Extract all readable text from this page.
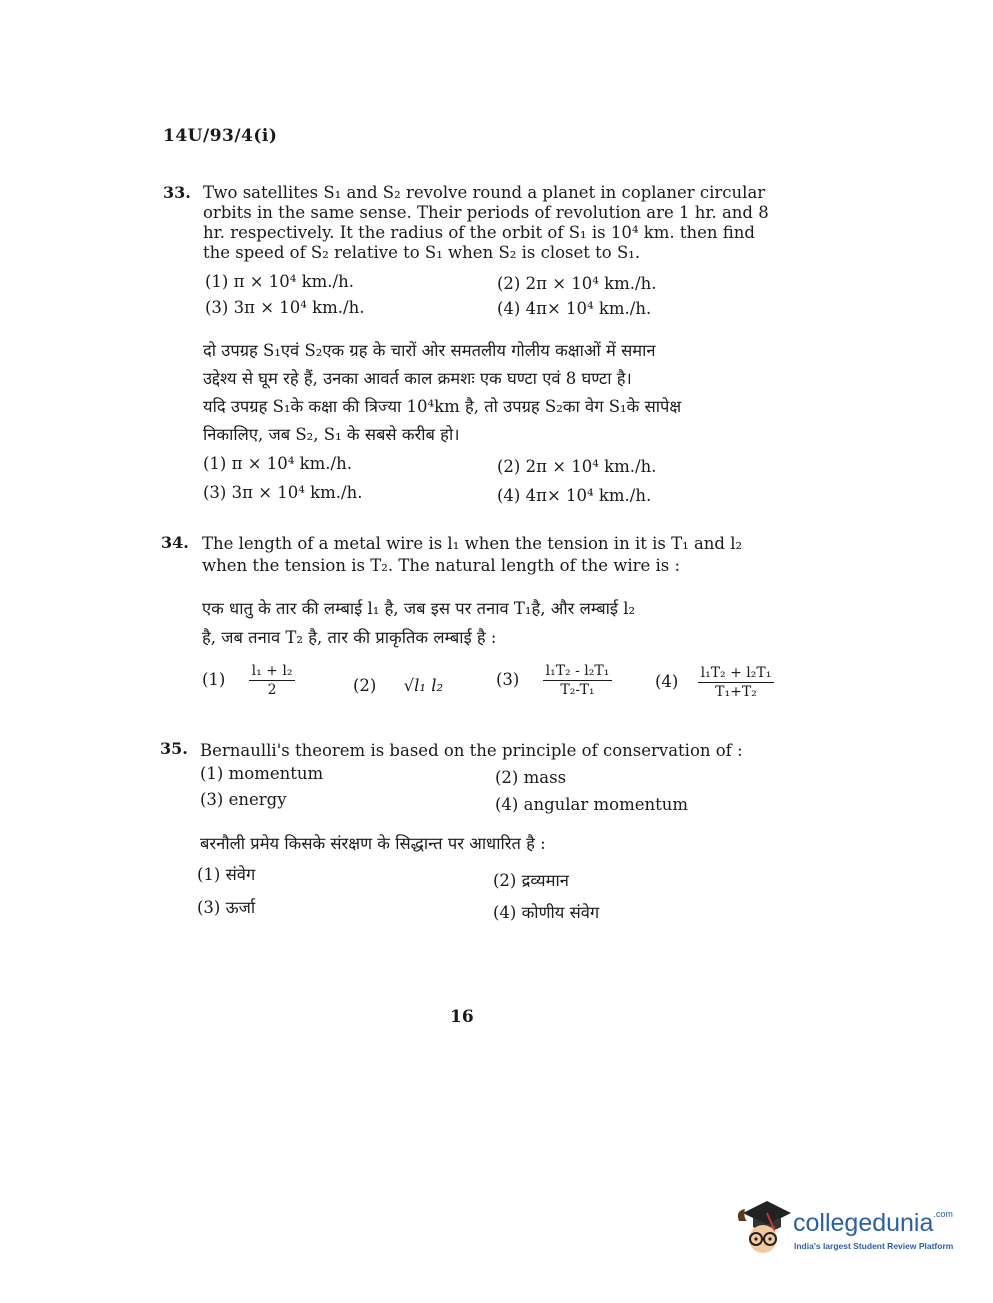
14U/93/4(i)
33. Two satellites S₁ and S₂ revolve round a planet in coplaner circular
orbits in the same sense. Their periods of revolution are 1 hr. and 8
hr. respectively. It the radius of the orbit of S₁ is 10⁴ km. then find
the speed of S₂ relative to S₁ when S₂ is closet to S₁.
(1) π × 10⁴ km./h.	(2) 2π × 10⁴ km./h.
(3) 3π × 10⁴ km./h.	(4) 4π× 10⁴ km./h.
दो उपग्रह S₁एवं S₂एक ग्रह के चारों ओर समतलीय गोलीय कक्षाओं में समान
उद्देश्य से घूम रहे हैं, उनका आवर्त काल क्रमशः एक घण्टा एवं 8 घण्टा है।
यदि उपग्रह S₁के कक्षा की त्रिज्या 10⁴km है, तो उपग्रह S₂का वेग S₁के सापेक्ष
निकालिए, जब S₂, S₁ के सबसे करीब हो।
(1) π × 10⁴ km./h.	(2) 2π × 10⁴ km./h.
(3) 3π × 10⁴ km./h.	(4) 4π× 10⁴ km./h.
34. The length of a metal wire is l₁ when the tension in it is T₁ and l₂
when the tension is T₂. The natural length of the wire is :
एक धातु के तार की लम्बाई l₁ है, जब इस पर तनाव T₁है, और लम्बाई l₂
है, जब तनाव T₂ है, तार की प्राकृतिक लम्बाई है :
$(1) \frac{\text{l₁ + l₂}}{2}$	(2) √l₁ l₂	$(3) \frac{\text{l₁T₂ - l₂T₁}}{\text{T₂-T₁}}$	$(4) \frac{\text{l₁T₂ + l₂T₁}}{\text{T₁+T₂}}$
35. Bernaulli's theorem is based on the principle of conservation of :
(1) momentum	(2) mass
(3) energy	(4) angular momentum
बरनौली प्रमेय किसके संरक्षण के सिद्धान्त पर आधारित है :
(1) संवेग	(2) द्रव्यमान
(3) ऊर्जा	(4) कोणीय संवेग
16
collegedunia$^{.com}$
India's largest Student Review Platform
